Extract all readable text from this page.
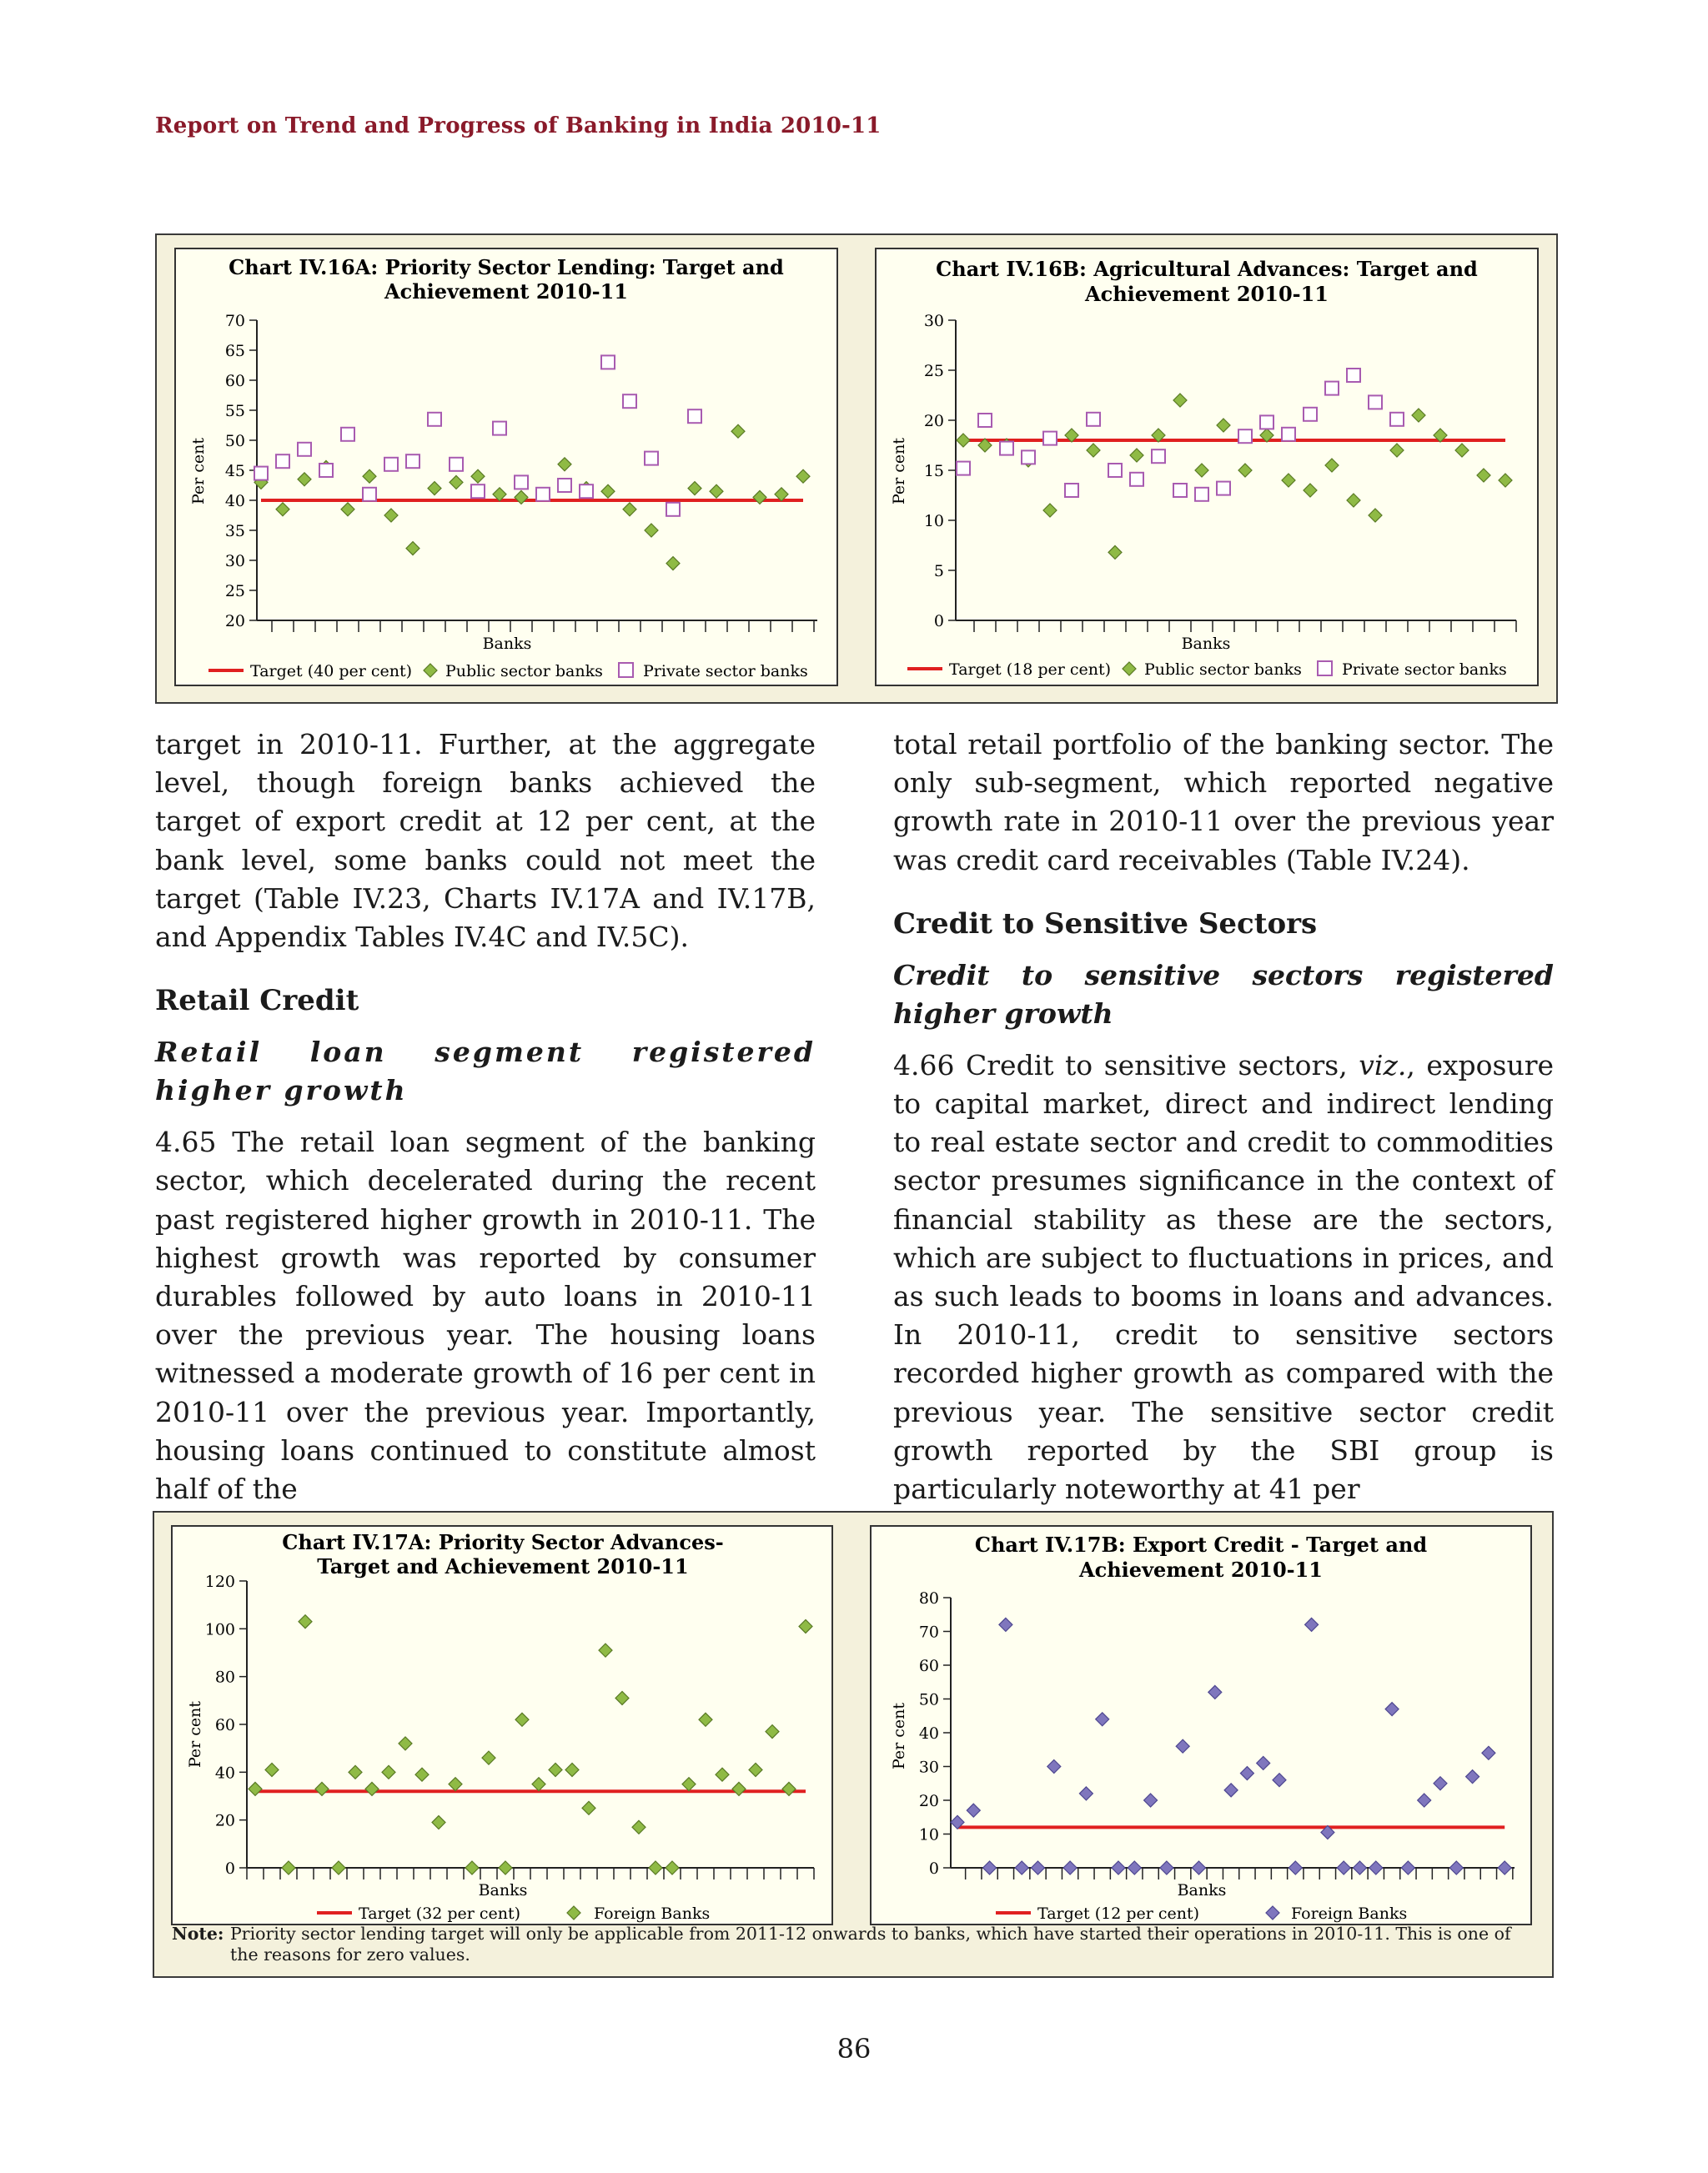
Report on Trend and Progress of Banking in India 2010-11
Chart IV.16A: Priority Sector Lending: Target and
Achievement 2010-11
Per cent
Banks
20
25
30
35
40
45
50
55
60
65
70
Target (40 per cent) Public sector banks	Private sector banks
Chart IV.16B: Agricultural Advances: Target and
Achievement 2010-11
Per cent
Banks
0
5
10
15
20
25
30
Target (18 per cent) Public sector banks	Private sector banks
Chart IV.17A: Priority Sector Advances-
Target and Achievement 2010-11
Per cent
Banks
0
20
40
60
80
100
120
Target (32 per cent)	Foreign Banks
Chart IV.17B: Export Credit - Target and
Achievement 2010-11
Per cent
Banks
0
10
20
30
40
50
60
70
80
Target (12 per cent)	Foreign Banks

target in 2010-11. Further, at the aggregate level, though foreign banks achieved the target of export credit at 12 per cent, at the bank level, some banks could not meet the target (Table IV.23, Charts IV.17A and IV.17B, and Appendix Tables IV.4C and IV.5C).

Retail Credit
Retail loan segment registered higher growth

4.65 The retail loan segment of the banking sector, which decelerated during the recent past registered higher growth in 2010-11. The highest growth was reported by consumer durables followed by auto loans in 2010-11 over the previous year. The housing loans witnessed a moderate growth of 16 per cent in 2010-11 over the previous year. Importantly, housing loans continued to constitute almost half of the

total retail portfolio of the banking sector. The only sub-segment, which reported negative growth rate in 2010-11 over the previous year was credit card receivables (Table IV.24).

Credit to Sensitive Sectors
Credit to sensitive sectors registered higher growth

4.66 Credit to sensitive sectors, viz., exposure to capital market, direct and indirect lending to real estate sector and credit to commodities sector presumes significance in the context of financial stability as these are the sectors, which are subject to fluctuations in prices, and as such leads to booms in loans and advances. In 2010-11, credit to sensitive sectors recorded higher growth as compared with the previous year. The sensitive sector credit growth reported by the SBI group is particularly noteworthy at 41 per

Note: Priority sector lending target will only be applicable from 2011-12 onwards to banks, which have started their operations in 2010-11. This is one of the reasons for zero values.
86
